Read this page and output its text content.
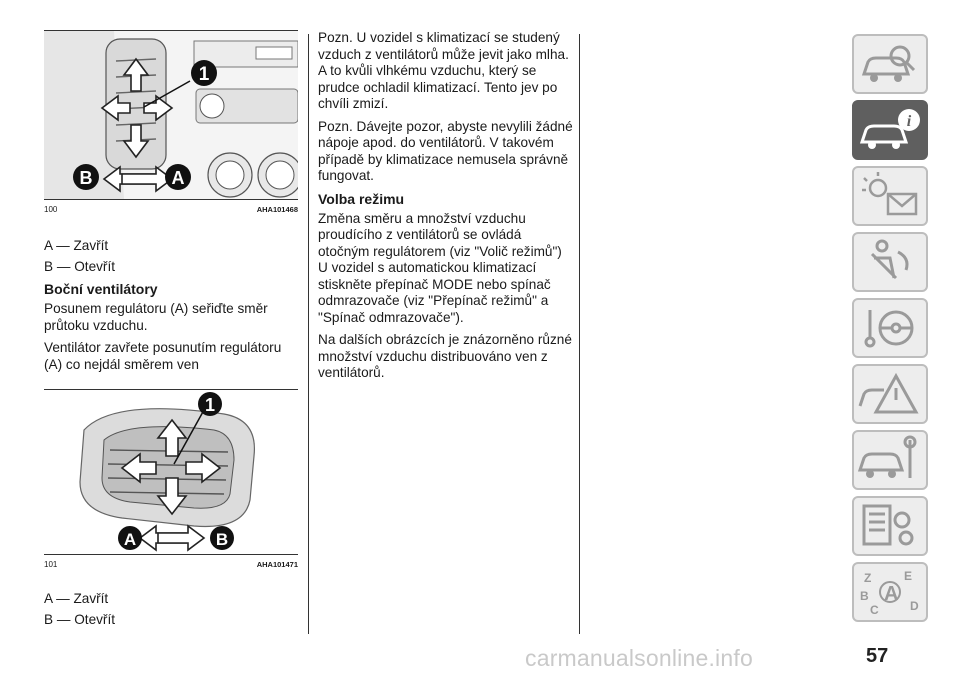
1
B	A
100	AHA101468

A — Zavřít

B — Otevřít

Boční ventilátory

Posunem regulátoru (A) seřiďte směr průtoku vzduchu.

Ventilátor zavřete posunutím regulátoru (A) co nejdál směrem ven

1
A	B
101	AHA101471

A — Zavřít

B — Otevřít

Pozn. U vozidel s klimatizací se studený vzduch z ventilátorů může jevit jako mlha. A to kvůli vlhkému vzduchu, který se prudce ochladil klimatizací. Tento jev po chvíli zmizí.

Pozn. Dávejte pozor, abyste nevylili žádné nápoje apod. do ventilátorů. V takovém případě by klimatizace nemusela správně fungovat.

Volba režimu

Změna směru a množství vzduchu proudícího z ventilátorů se ovládá otočným regulátorem (viz "Volič režimů") U vozidel s automatickou klimatizací stiskněte přepínač MODE nebo spínač odmrazovače (viz "Přepínač režimů" a "Spínač odmrazovače").

Na dalších obrázcích je znázorněno různé množství vzduchu distribuováno ven z ventilátorů.

i
Z	E
B A
C	D
57
carmanualsonline.info
